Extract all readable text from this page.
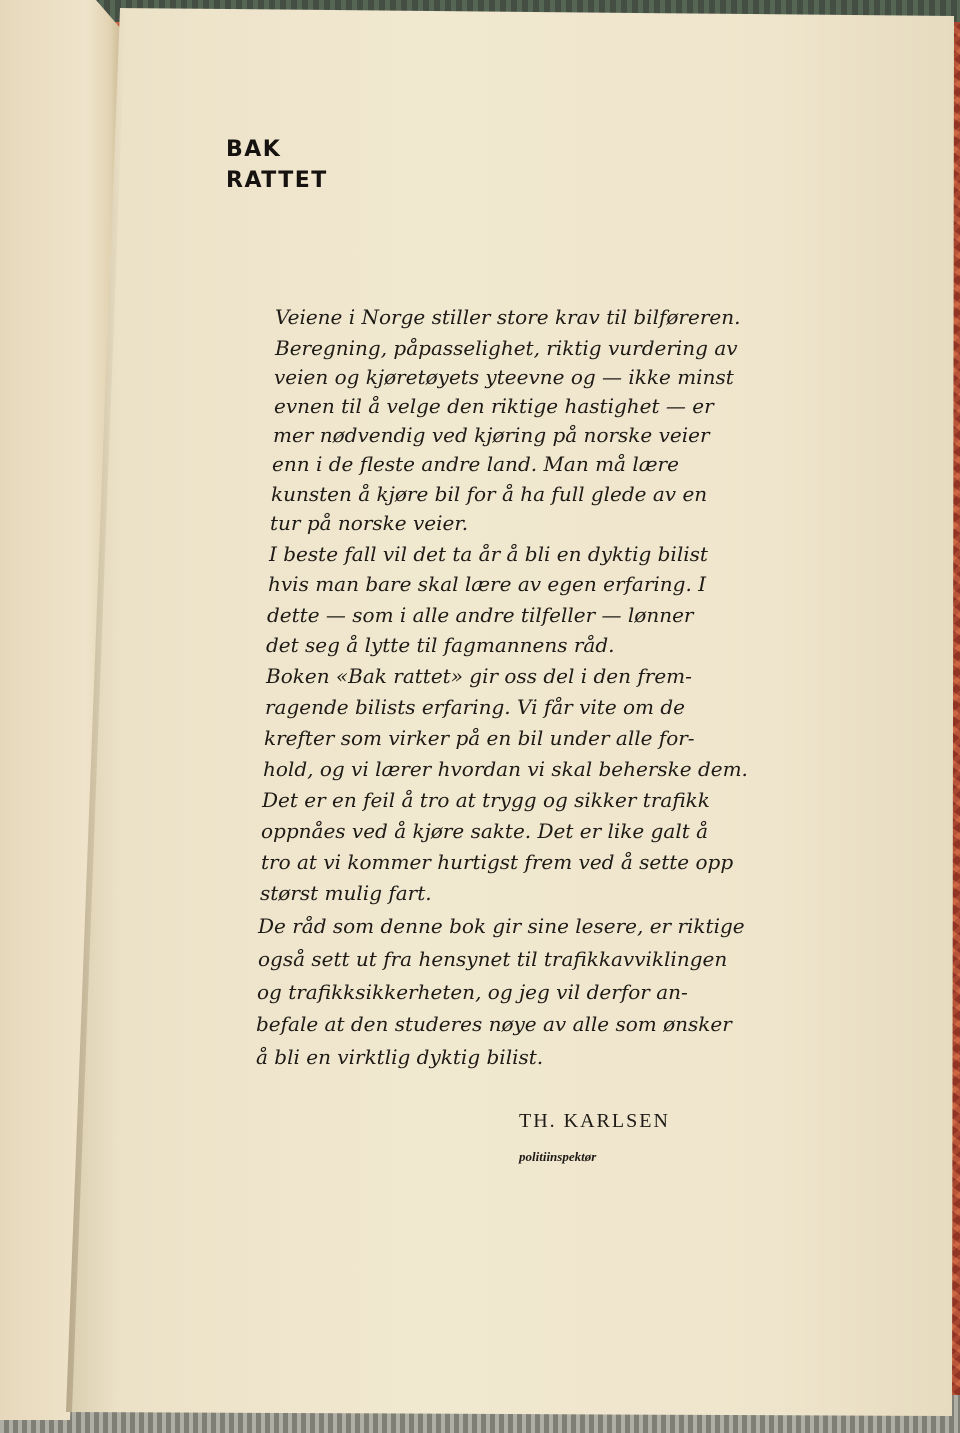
BAK
RATTET
Veiene i Norge stiller store krav til bilføreren.
Beregning, påpasselighet, riktig vurdering av
veien og kjøretøyets yteevne og — ikke minst
evnen til å velge den riktige hastighet — er
mer nødvendig ved kjøring på norske veier
enn i de fleste andre land. Man må lære
kunsten å kjøre bil for å ha full glede av en
tur på norske veier.
I beste fall vil det ta år å bli en dyktig bilist
hvis man bare skal lære av egen erfaring. I
dette — som i alle andre tilfeller — lønner
det seg å lytte til fagmannens råd.
Boken «Bak rattet» gir oss del i den frem-
ragende bilists erfaring. Vi får vite om de
krefter som virker på en bil under alle for-
hold, og vi lærer hvordan vi skal beherske dem.
Det er en feil å tro at trygg og sikker trafikk
oppnåes ved å kjøre sakte. Det er like galt å
tro at vi kommer hurtigst frem ved å sette opp
størst mulig fart.
De råd som denne bok gir sine lesere, er riktige
også sett ut fra hensynet til trafikkavviklingen
og trafikksikkerheten, og jeg vil derfor an-
befale at den studeres nøye av alle som ønsker
å bli en virktlig dyktig bilist.
TH. KARLSEN
politiinspektør
